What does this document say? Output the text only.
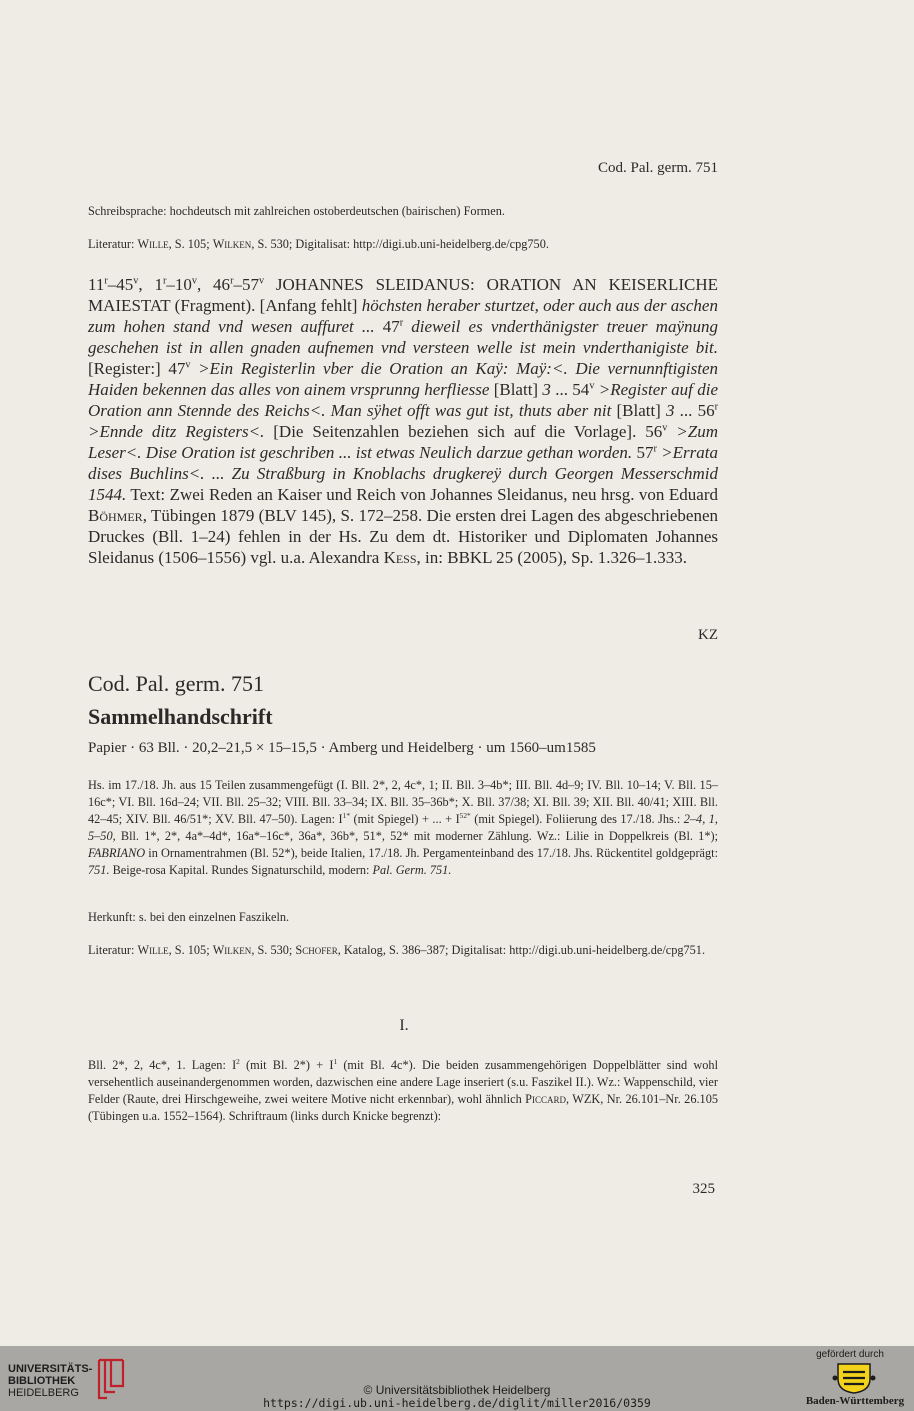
Cod. Pal. germ. 751
Schreibsprache: hochdeutsch mit zahlreichen ostoberdeutschen (bairischen) Formen.
Literatur: Wille, S. 105; Wilken, S. 530; Digitalisat: http://digi.ub.uni-heidelberg.de/cpg750.
11$^r$–45$^v$, 1$^r$–10$^v$, 46$^r$–57$^v$ JOHANNES SLEIDANUS: ORATION AN KEISERLICHE MAIESTAT (Fragment). [Anfang fehlt] höchsten heraber sturtzet, oder auch aus der aschen zum hohen stand vnd wesen auffuret ... 47$^r$ dieweil es vnderthänigster treuer maÿnung geschehen ist in allen gnaden aufnemen vnd versteen welle ist mein vnderthanigiste bit. [Register:] $47^v >Ein$ Registerlin vber die Oration an Kaÿ: Maÿ:<. Die vernunnftigisten Haiden bekennen das alles von ainem vrsprunng herfliesse [Blatt] 3 ... $54^v$ >Register auf die Oration ann Stennde des Reichs<. Man sÿhet offt was gut ist, thuts aber nit [Blatt] 3 ... $56^r$ >Ennde ditz Registers<. [Die Seitenzahlen beziehen sich auf die Vorlage]. $56^v >Zum$ Leser<. Dise Oration ist geschriben ... ist etwas Neulich darzue gethan worden. $57^r$ >Errata dises Buchlins<. ... Zu Straßburg in Knoblachs drugkereÿ durch Georgen Messerschmid 1544. Text: Zwei Reden an Kaiser und Reich von Johannes Sleidanus, neu hrsg. von Eduard Böhmer, Tübingen 1879 (BLV 145), S. 172–258. Die ersten drei Lagen des abgeschriebenen Druckes (Bll. 1–24) fehlen in der Hs. Zu dem dt. Historiker und Diplomaten Johannes Sleidanus (1506–1556) vgl. u.a. Alexandra Kess, in: BBKL 25 (2005), Sp. 1.326–1.333.
KZ
Cod. Pal. germ. 751
Sammelhandschrift
Papier · 63 Bll. · 20,2–21,5 × 15–15,5 · Amberg und Heidelberg · um 1560–um1585
Hs. im 17./18. Jh. aus 15 Teilen zusammengefügt (I. Bll. 2*, 2, 4c*, 1; II. Bll. 3–4b*; III. Bll. 4d–9; IV. Bll. 10–14; V. Bll. 15–16c*; VI. Bll. 16d–24; VII. Bll. 25–32; VIII. Bll. 33–34; IX. Bll. 35–36b*; X. Bll. 37/38; XI. Bll. 39; XII. Bll. 40/41; XIII. Bll. 42–45; XIV. Bll. 46/51*; XV. Bll. 47–50). Lagen: $I^{1*}$ (mit Spiegel) + ... + $I^{52*}$ (mit Spiegel). Foliierung des 17./18. Jhs.: 2–4, 1, 5–50, Bll. 1*, 2*, 4a*–4d*, 16a*–16c*, 36a*, 36b*, 51*, 52* mit moderner Zählung. Wz.: Lilie in Doppelkreis (Bl. 1*); FABRIANO in Ornamentrahmen (Bl. 52*), beide Italien, 17./18. Jh. Pergamenteinband des 17./18. Jhs. Rückentitel goldgeprägt: 751. Beige-rosa Kapital. Rundes Signaturschild, modern: Pal. Germ. 751.
Herkunft: s. bei den einzelnen Faszikeln.
Literatur: Wille, S. 105; Wilken, S. 530; Schofer, Katalog, S. 386–387; Digitalisat: http://digi.ub.uni-heidelberg.de/cpg751.
I.
Bll. 2*, 2, 4c*, 1. Lagen: $I^2$ (mit Bl. $2*) + I^1$ (mit Bl. 4c*). Die beiden zusammengehörigen Doppelblätter sind wohl versehentlich auseinandergenommen worden, dazwischen eine andere Lage inseriert (s.u. Faszikel II.). Wz.: Wappenschild, vier Felder (Raute, drei Hirschgeweihe, zwei weitere Motive nicht erkennbar), wohl ähnlich Piccard, WZK, Nr. 26.101–Nr. 26.105 (Tübingen u.a. 1552–1564). Schriftraum (links durch Knicke begrenzt):
325
UNIVERSITÄTS-
BIBLIOTHEK
HEIDELBERG	© Universitätsbibliothek Heidelberg
https://digi.ub.uni-heidelberg.de/diglit/miller2016/0359
gefördert durch
Baden-Württemberg
